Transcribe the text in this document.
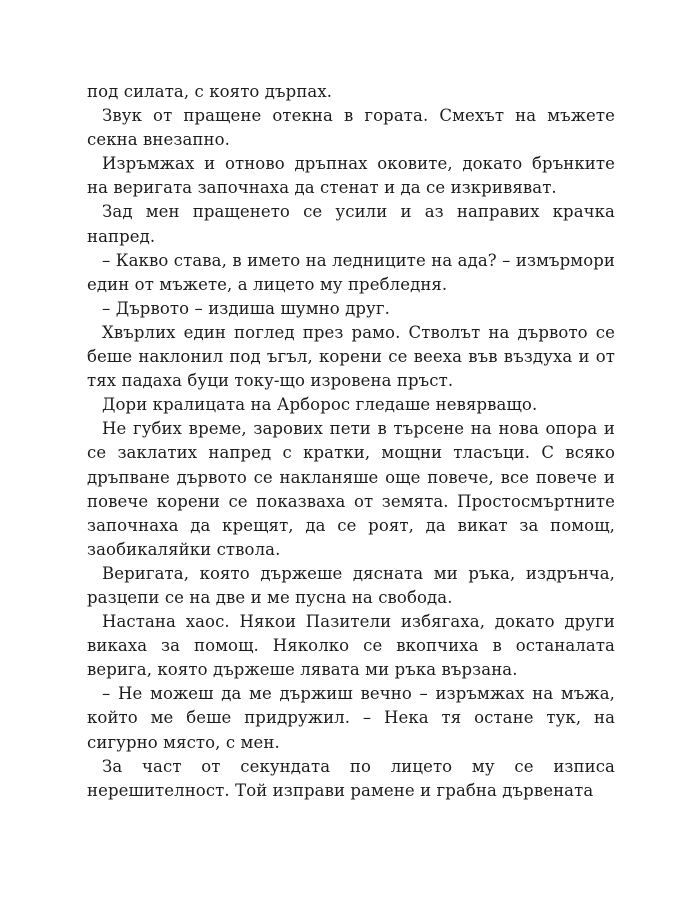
под силата, с която дърпах.

Звук от пращене отекна в гората. Смехът на мъжете секна внезапно.

Изръмжах и отново дръпнах оковите, докато брънките на веригата започнаха да стенат и да се изкривяват.

Зад мен пращенето се усили и аз направих крачка напред.

– Какво става, в името на ледниците на ада? – измърмори един от мъжете, а лицето му пребледня.

– Дървото – издиша шумно друг.

Хвърлих един поглед през рамо. Стволът на дървото се беше наклонил под ъгъл, корени се вееха във въздуха и от тях падаха буци току-що изровена пръст.

Дори кралицата на Арборос гледаше невярващо.

Не губих време, зарових пети в търсене на нова опора и се заклатих напред с кратки, мощни тласъци. С всяко дръпване дървото се накланяше още повече, все повече и повече корени се показваха от земята. Простосмъртните започнаха да крещят, да се роят, да викат за помощ, заобикаляйки ствола.

Веригата, която държеше дясната ми ръка, издрънча, разцепи се на две и ме пусна на свобода.

Настана хаос. Някои Пазители избягаха, докато други викаха за помощ. Няколко се вкопчиха в останалата верига, която държеше лявата ми ръка вързана.

– Не можеш да ме държиш вечно – изръмжах на мъжа, който ме беше придружил. – Нека тя остане тук, на сигурно място, с мен.

За част от секундата по лицето му се изписа нерешителност. Той изправи рамене и грабна дървената
